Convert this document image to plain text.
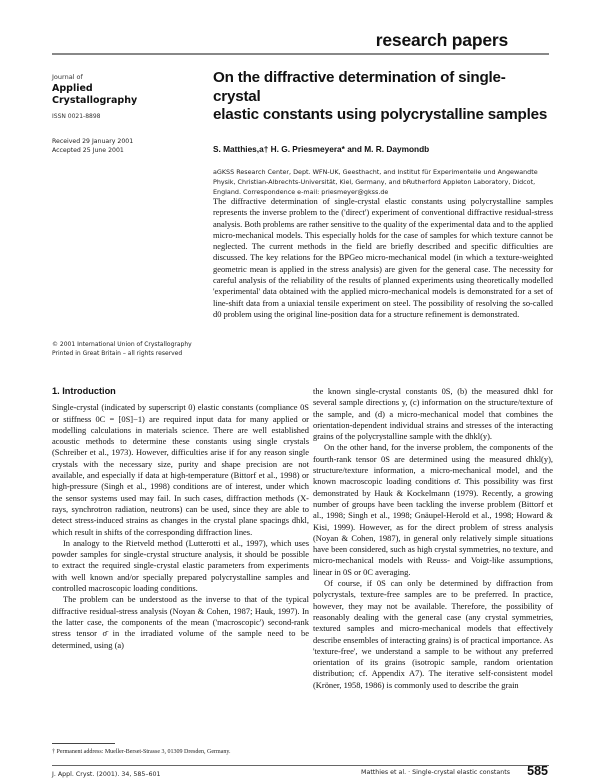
research papers
Journal of
Applied
Crystallography
ISSN 0021-8898
Received 29 January 2001
Accepted 25 June 2001
On the diffractive determination of single-crystal
elastic constants using polycrystalline samples
S. Matthies,a† H. G. Priesmeyera* and M. R. Daymondb
aGKSS Research Center, Dept. WFN-UK, Geesthacht, and Institut für Experimentelle und Angewandte Physik, Christian-Albrechts-Universität, Kiel, Germany, and bRutherford Appleton Laboratory, Didcot, England. Correspondence e-mail: priesmeyer@gkss.de
The diffractive determination of single-crystal elastic constants using polycrystalline samples represents the inverse problem to the ('direct') experiment of conventional diffractive residual-stress analysis. Both problems are rather sensitive to the quality of the experimental data and to the applied micro-mechanical models. This especially holds for the case of samples for which texture cannot be neglected. The current methods in the field are briefly described and specific difficulties are discussed. The key relations for the BPGeo micro-mechanical model (in which a texture-weighted geometric mean is applied in the stress analysis) are given for the general case. The necessity for careful analysis of the reliability of the results of planned experiments using theoretically modelled 'experimental' data obtained with the applied micro-mechanical models is demonstrated for a set of line-shift data from a uniaxial tensile experiment on steel. The possibility of resolving the so-called d0 problem using the original line-position data for a structure refinement is demonstrated.
© 2001 International Union of Crystallography
Printed in Great Britain – all rights reserved
1. Introduction

Single-crystal (indicated by superscript 0) elastic constants (compliance 0S or stiffness 0C = [0S]−1) are required input data for many applied or modelling calculations in materials science. There are well established acoustic methods to determine these constants using single crystals (Schreiber et al., 1973). However, difficulties arise if for any reason single crystals with the necessary size, purity and shape precision are not available, and especially if data at high-temperature (Bittorf et al., 1998) or high-pressure (Singh et al., 1998) conditions are of interest, under which the sensor systems used may fail. In such cases, diffraction methods (X-rays, synchrotron radiation, neutrons) can be used, since they are able to detect stress-induced strains as changes in the crystal plane spacings dhkl, which result in shifts of the corresponding diffraction lines.

In analogy to the Rietveld method (Lutterotti et al., 1997), which uses powder samples for single-crystal structure analysis, it should be possible to extract the required single-crystal elastic parameters from experiments with well known and/or specially prepared polycrystalline samples and controlled macroscopic loading conditions.

The problem can be understood as the inverse to that of the typical diffractive residual-stress analysis (Noyan & Cohen, 1987; Hauk, 1997). In the latter case, the components of the mean ('macroscopic') second-rank stress tensor σ̄ in the irradiated volume of the sample need to be determined, using (a)

the known single-crystal constants 0S, (b) the measured dhkl for several sample directions y, (c) information on the structure/texture of the sample, and (d) a micro-mechanical model that combines the orientation-dependent individual strains and stresses of the interacting grains of the polycrystalline sample with the dhkl(y).

On the other hand, for the inverse problem, the components of the fourth-rank tensor 0S are determined using the measured dhkl(y), structure/texture information, a micro-mechanical model, and the known macroscopic loading conditions σ̄. This possibility was first demonstrated by Hauk & Kockelmann (1979). Recently, a growing number of groups have been tackling the inverse problem (Bittorf et al., 1998; Singh et al., 1998; Gnäupel-Herold et al., 1998; Howard & Kisi, 1999). However, as for the direct problem of stress analysis (Noyan & Cohen, 1987), in general only relatively simple situations have been considered, such as high crystal symmetries, no texture, and micro-mechanical models with Reuss- and Voigt-like assumptions, linear in 0S or 0C averaging.

Of course, if 0S can only be determined by diffraction from polycrystals, texture-free samples are to be preferred. In practice, however, they may not be available. Therefore, the possibility of reasonably dealing with the general case (any crystal symmetries, textured samples and micro-mechanical models that effectively describe ensembles of interacting grains) is of practical importance. As 'texture-free', we understand a sample to be without any preferred orientation of its grains (isotropic sample, random orientation distribution; cf. Appendix A7). The iterative self-consistent model (Kröner, 1958, 1986) is commonly used to describe the grain

† Permanent address: Mueller-Berset-Strasse 3, 01309 Dresden, Germany.
J. Appl. Cryst. (2001). 34, 585–601	Matthies et al. · Single-crystal elastic constants 585
